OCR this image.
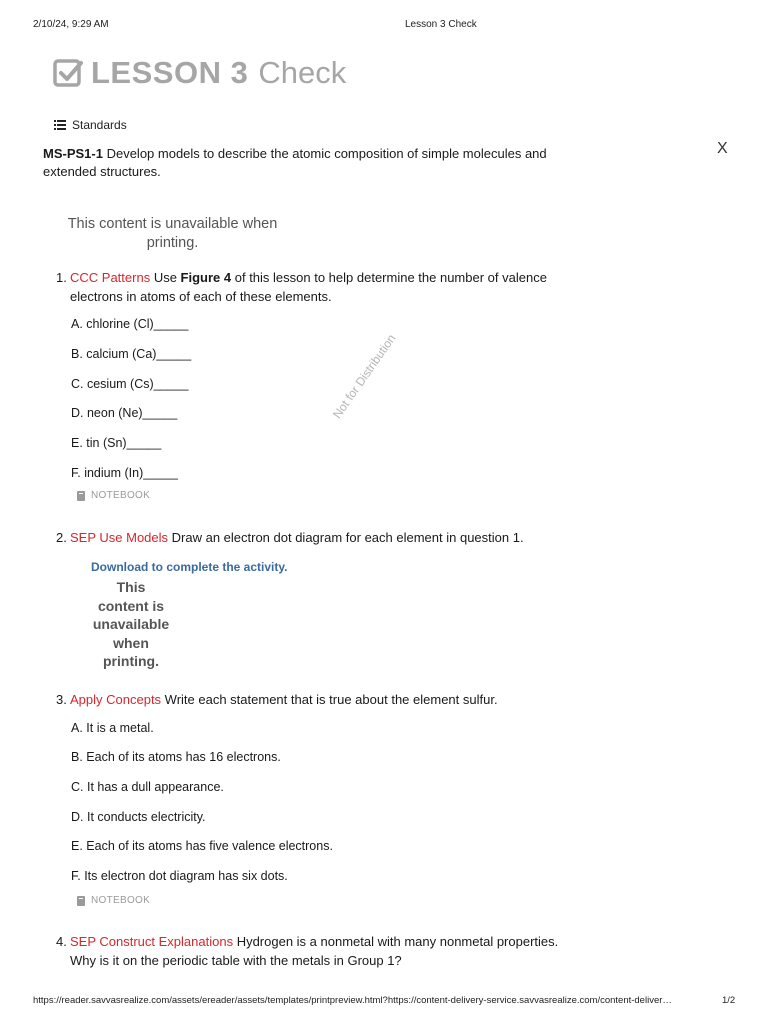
2/10/24, 9:29 AM	Lesson 3 Check
LESSON 3 Check
Standards
MS-PS1-1 Develop models to describe the atomic composition of simple molecules and
extended structures.
X
This content is unavailable when
printing.
Not for Distribution
1. CCC Patterns Use Figure 4 of this lesson to help determine the number of valence
electrons in atoms of each of these elements.
A. chlorine (Cl)_____
B. calcium (Ca)_____
C. cesium (Cs)_____
D. neon (Ne)_____
E. tin (Sn)_____
F. indium (In)_____
NOTEBOOK
2. SEP Use Models Draw an electron dot diagram for each element in question 1.
Download to complete the activity.
This
content is
unavailable
when
printing.
3. Apply Concepts Write each statement that is true about the element sulfur.
A. It is a metal.
B. Each of its atoms has 16 electrons.
C. It has a dull appearance.
D. It conducts electricity.
E. Each of its atoms has five valence electrons.
F. Its electron dot diagram has six dots.
NOTEBOOK
4. SEP Construct Explanations Hydrogen is a nonmetal with many nonmetal properties.
Why is it on the periodic table with the metals in Group 1?
https://reader.savvasrealize.com/assets/ereader/assets/templates/printpreview.html?https://content-delivery-service.savvasrealize.com/content-deliver…	1/2
